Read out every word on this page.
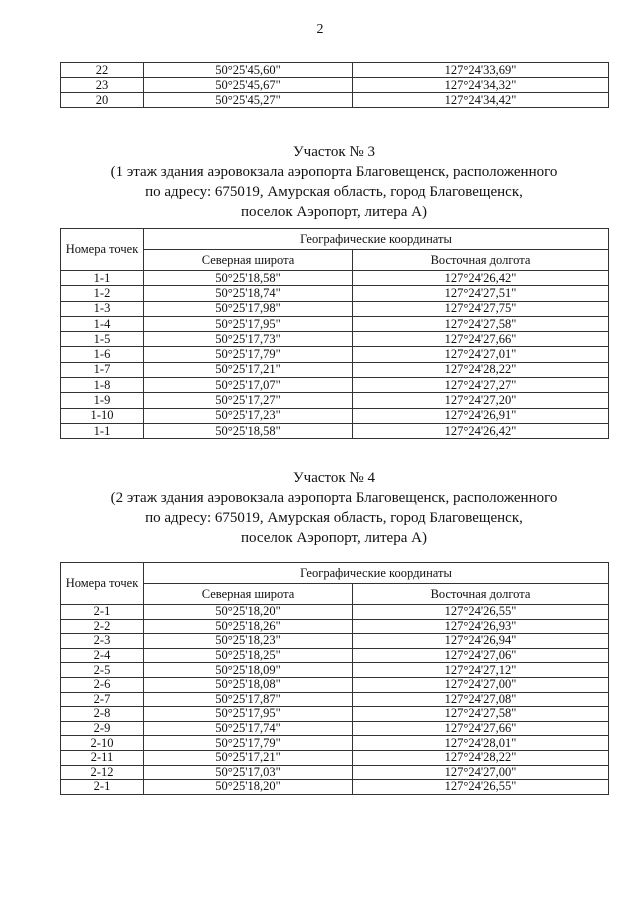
2
22	50°25'45,60"	127°24'33,69"
23	50°25'45,67"	127°24'34,32"
20	50°25'45,27"	127°24'34,42"
Участок № 3
(1 этаж здания аэровокзала аэропорта Благовещенск, расположенного
по адресу: 675019, Амурская область, город Благовещенск,
поселок Аэропорт, литера А)
Номера точек	Географические координаты	
	Северная широта	Восточная долгота
1-1	50°25'18,58"	127°24'26,42"
1-2	50°25'18,74"	127°24'27,51"
1-3	50°25'17,98"	127°24'27,75"
1-4	50°25'17,95"	127°24'27,58"
1-5	50°25'17,73"	127°24'27,66"
1-6	50°25'17,79"	127°24'27,01"
1-7	50°25'17,21"	127°24'28,22"
1-8	50°25'17,07"	127°24'27,27"
1-9	50°25'17,27"	127°24'27,20"
1-10	50°25'17,23"	127°24'26,91"
1-1	50°25'18,58"	127°24'26,42"
Участок № 4
(2 этаж здания аэровокзала аэропорта Благовещенск, расположенного
по адресу: 675019, Амурская область, город Благовещенск,
поселок Аэропорт, литера А)
Номера точек	Географические координаты	
	Северная широта	Восточная долгота
2-1	50°25'18,20"	127°24'26,55"
2-2	50°25'18,26"	127°24'26,93"
2-3	50°25'18,23"	127°24'26,94"
2-4	50°25'18,25"	127°24'27,06"
2-5	50°25'18,09"	127°24'27,12"
2-6	50°25'18,08"	127°24'27,00"
2-7	50°25'17,87"	127°24'27,08"
2-8	50°25'17,95"	127°24'27,58"
2-9	50°25'17,74"	127°24'27,66"
2-10	50°25'17,79"	127°24'28,01"
2-11	50°25'17,21"	127°24'28,22"
2-12	50°25'17,03"	127°24'27,00"
2-1	50°25'18,20"	127°24'26,55"
